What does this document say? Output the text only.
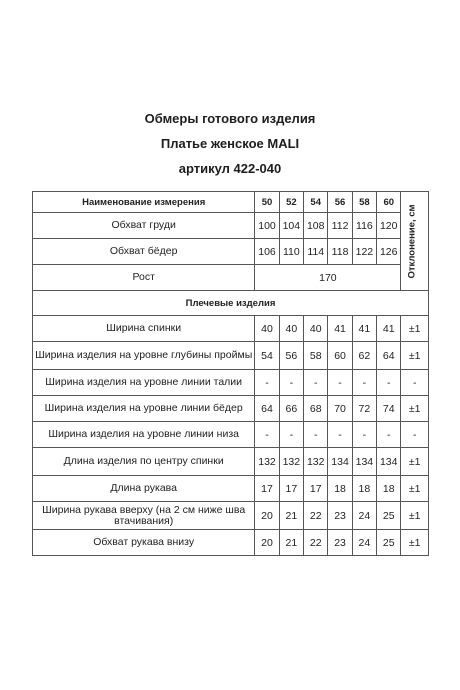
Обмеры готового изделия
Платье женское MALI
артикул 422-040
Наименование измерения	50	52	54	56	58	60	Отклонение, см

Обхват груди	100	104	108	112	116	120	
Обхват бёдер	106	110	114	118	122	126	
Рост	170						
Плечевые изделия							
Ширина спинки	40	40	40	41	41	41	±1
Ширина изделия на уровне глубины проймы	54	56	58	60	62	64	±1
Ширина изделия на уровне линии талии	-	-	-	-	-	-	-
Ширина изделия на уровне линии бёдер	64	66	68	70	72	74	±1
Ширина изделия на уровне линии низа	-	-	-	-	-	-	-
Длина изделия по центру спинки	132	132	132	134	134	134	±1
Длина рукава	17	17	17	18	18	18	±1
Ширина рукава вверху (на 2 см ниже шва втачивания)	20	21	22	23	24	25	±1
Обхват рукава внизу	20	21	22	23	24	25	±1
